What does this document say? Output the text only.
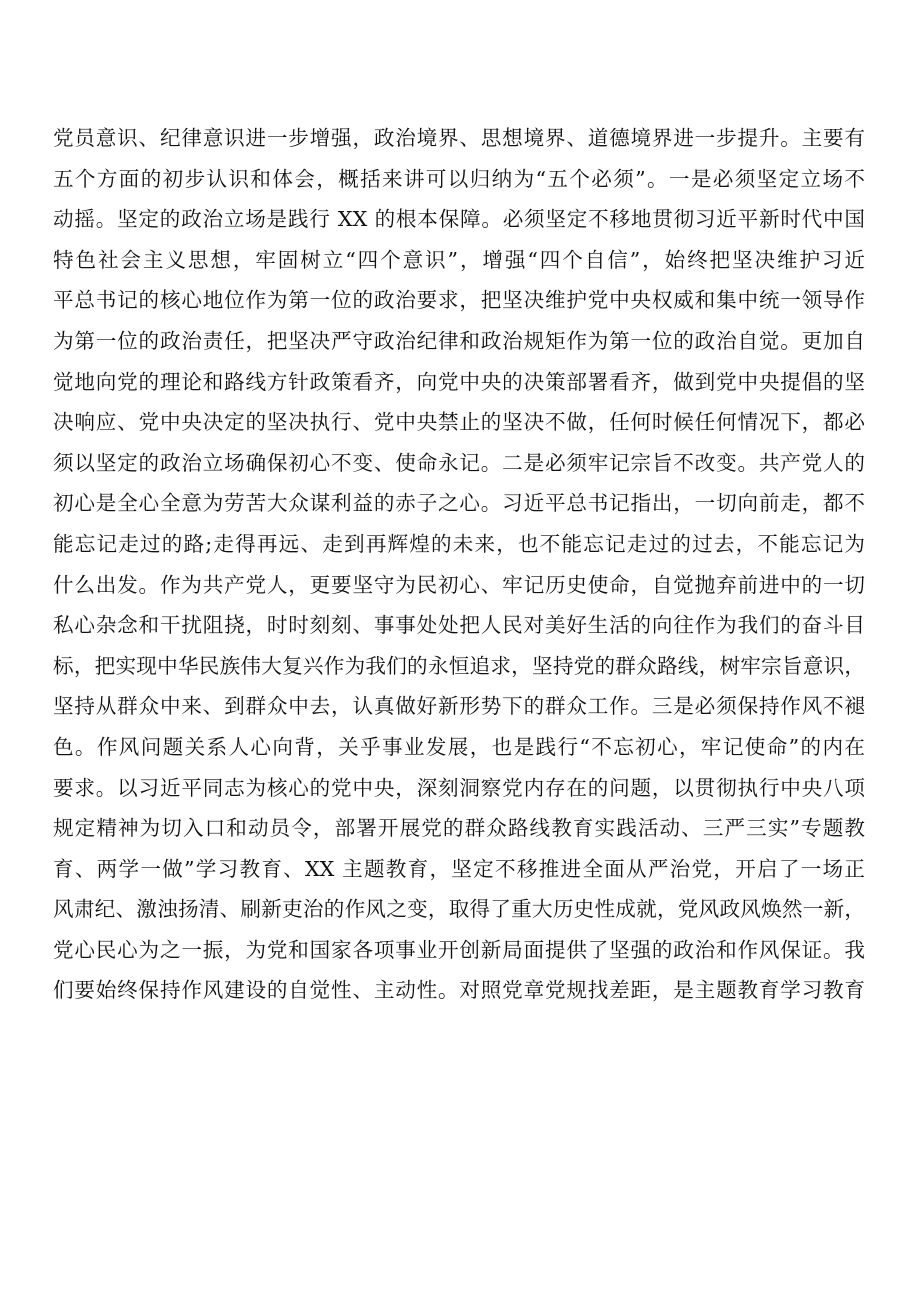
党员意识、纪律意识进一步增强，政治境界、思想境界、道德境界进一步提升。主要有
五个方面的初步认识和体会，概括来讲可以归纳为“五个必须”。一是必须坚定立场不
动摇。坚定的政治立场是践行 XX 的根本保障。必须坚定不移地贯彻习近平新时代中国
特色社会主义思想，牢固树立“四个意识”，增强“四个自信”，始终把坚决维护习近
平总书记的核心地位作为第一位的政治要求，把坚决维护党中央权威和集中统一领导作
为第一位的政治责任，把坚决严守政治纪律和政治规矩作为第一位的政治自觉。更加自
觉地向党的理论和路线方针政策看齐，向党中央的决策部署看齐，做到党中央提倡的坚
决响应、党中央决定的坚决执行、党中央禁止的坚决不做，任何时候任何情况下，都必
须以坚定的政治立场确保初心不变、使命永记。二是必须牢记宗旨不改变。共产党人的
初心是全心全意为劳苦大众谋利益的赤子之心。习近平总书记指出，一切向前走，都不
能忘记走过的路;走得再远、走到再辉煌的未来，也不能忘记走过的过去，不能忘记为
什么出发。作为共产党人，更要坚守为民初心、牢记历史使命，自觉抛弃前进中的一切
私心杂念和干扰阻挠，时时刻刻、事事处处把人民对美好生活的向往作为我们的奋斗目
标，把实现中华民族伟大复兴作为我们的永恒追求，坚持党的群众路线，树牢宗旨意识，
坚持从群众中来、到群众中去，认真做好新形势下的群众工作。三是必须保持作风不褪
色。作风问题关系人心向背，关乎事业发展，也是践行“不忘初心，牢记使命”的内在
要求。以习近平同志为核心的党中央，深刻洞察党内存在的问题，以贯彻执行中央八项
规定精神为切入口和动员令，部署开展党的群众路线教育实践活动、三严三实”专题教
育、两学一做”学习教育、XX 主题教育，坚定不移推进全面从严治党，开启了一场正
风肃纪、激浊扬清、刷新吏治的作风之变，取得了重大历史性成就，党风政风焕然一新，
党心民心为之一振，为党和国家各项事业开创新局面提供了坚强的政治和作风保证。我
们要始终保持作风建设的自觉性、主动性。对照党章党规找差距，是主题教育学习教育
